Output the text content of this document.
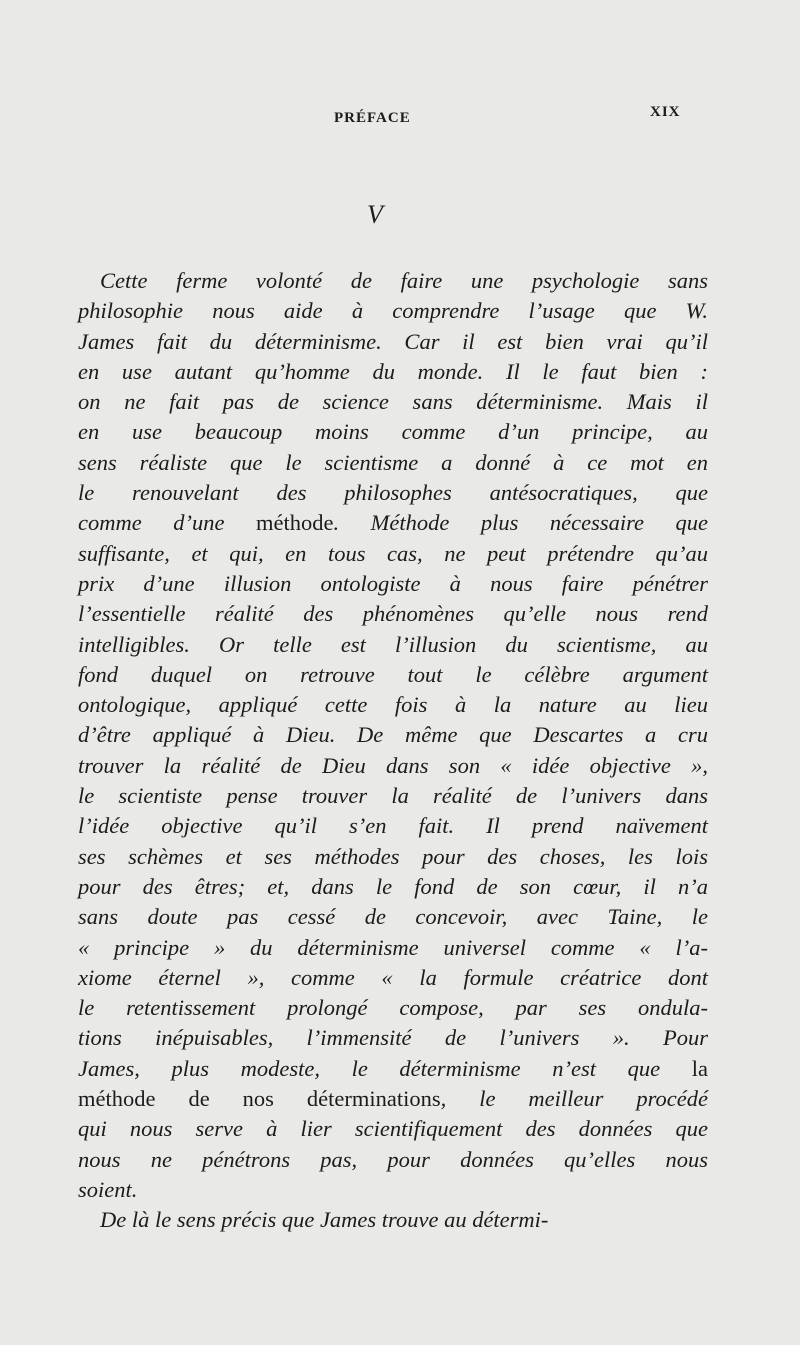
PRÉFACE	XIX
V
Cette ferme volonté de faire une psychologie sans
philosophie nous aide à comprendre l’usage que W.
James fait du déterminisme. Car il est bien vrai qu’il
en use autant qu’homme du monde. Il le faut bien :
on ne fait pas de science sans déterminisme. Mais il
en use beaucoup moins comme d’un principe, au
sens réaliste que le scientisme a donné à ce mot en
le renouvelant des philosophes antésocratiques, que
comme d’une méthode. Méthode plus nécessaire que
suffisante, et qui, en tous cas, ne peut prétendre qu’au
prix d’une illusion ontologiste à nous faire pénétrer
l’essentielle réalité des phénomènes qu’elle nous rend
intelligibles. Or telle est l’illusion du scientisme, au
fond duquel on retrouve tout le célèbre argument
ontologique, appliqué cette fois à la nature au lieu
d’être appliqué à Dieu. De même que Descartes a cru
trouver la réalité de Dieu dans son « idée objective »,
le scientiste pense trouver la réalité de l’univers dans
l’idée objective qu’il s’en fait. Il prend naïvement
ses schèmes et ses méthodes pour des choses, les lois
pour des êtres; et, dans le fond de son cœur, il n’a
sans doute pas cessé de concevoir, avec Taine, le
« principe » du déterminisme universel comme « l’a-
xiome éternel », comme « la formule créatrice dont
le retentissement prolongé compose, par ses ondula-
tions inépuisables, l’immensité de l’univers ». Pour
James, plus modeste, le déterminisme n’est que la
méthode de nos déterminations, le meilleur procédé
qui nous serve à lier scientifiquement des données que
nous ne pénétrons pas, pour données qu’elles nous
soient.
De là le sens précis que James trouve au détermi-
